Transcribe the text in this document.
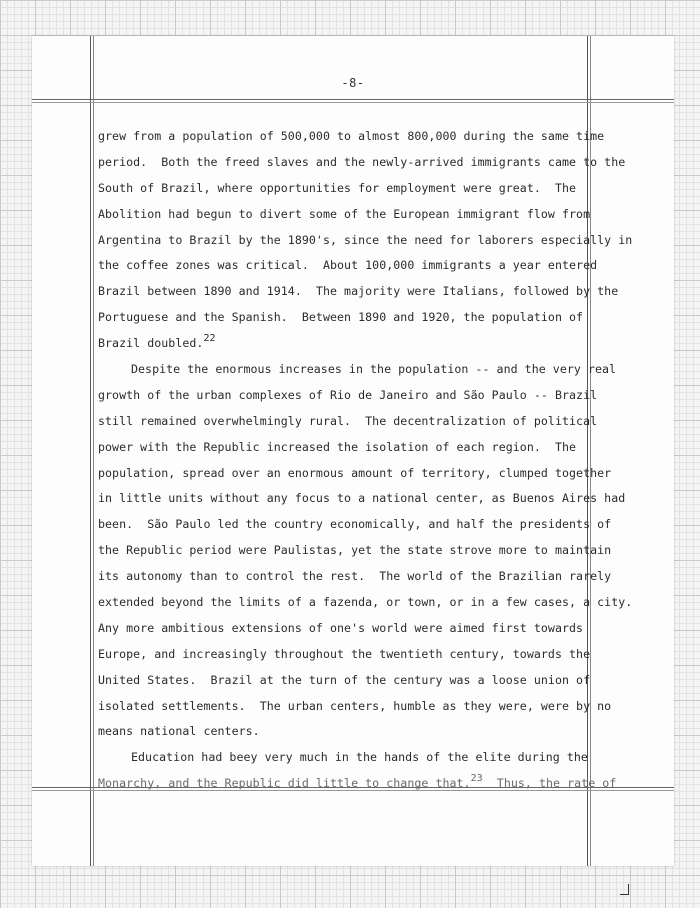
-8-
grew from a population of 500,000 to almost 800,000 during the same time
period.  Both the freed slaves and the newly-arrived immigrants came to the
South of Brazil, where opportunities for employment were great.  The
Abolition had begun to divert some of the European immigrant flow from
Argentina to Brazil by the 1890's, since the need for laborers especially in
the coffee zones was critical.  About 100,000 immigrants a year entered
Brazil between 1890 and 1914.  The majority were Italians, followed by the
Portuguese and the Spanish.  Between 1890 and 1920, the population of
Brazil doubled.$^{22}$
Despite the enormous increases in the population -- and the very real
growth of the urban complexes of Rio de Janeiro and São Paulo -- Brazil
still remained overwhelmingly rural.  The decentralization of political
power with the Republic increased the isolation of each region.  The
population, spread over an enormous amount of territory, clumped together
in little units without any focus to a national center, as Buenos Aires had
been.  São Paulo led the country economically, and half the presidents of
the Republic period were Paulistas, yet the state strove more to maintain
its autonomy than to control the rest.  The world of the Brazilian rarely
extended beyond the limits of a fazenda, or town, or in a few cases, a city.
Any more ambitious extensions of one's world were aimed first towards
Europe, and increasingly throughout the twentieth century, towards the
United States.  Brazil at the turn of the century was a loose union of
isolated settlements.  The urban centers, humble as they were, were by no
means national centers.
Education had beey very much in the hands of the elite during the
Monarchy, and the Republic did little to change that.$^{23}$  Thus, the rate of
